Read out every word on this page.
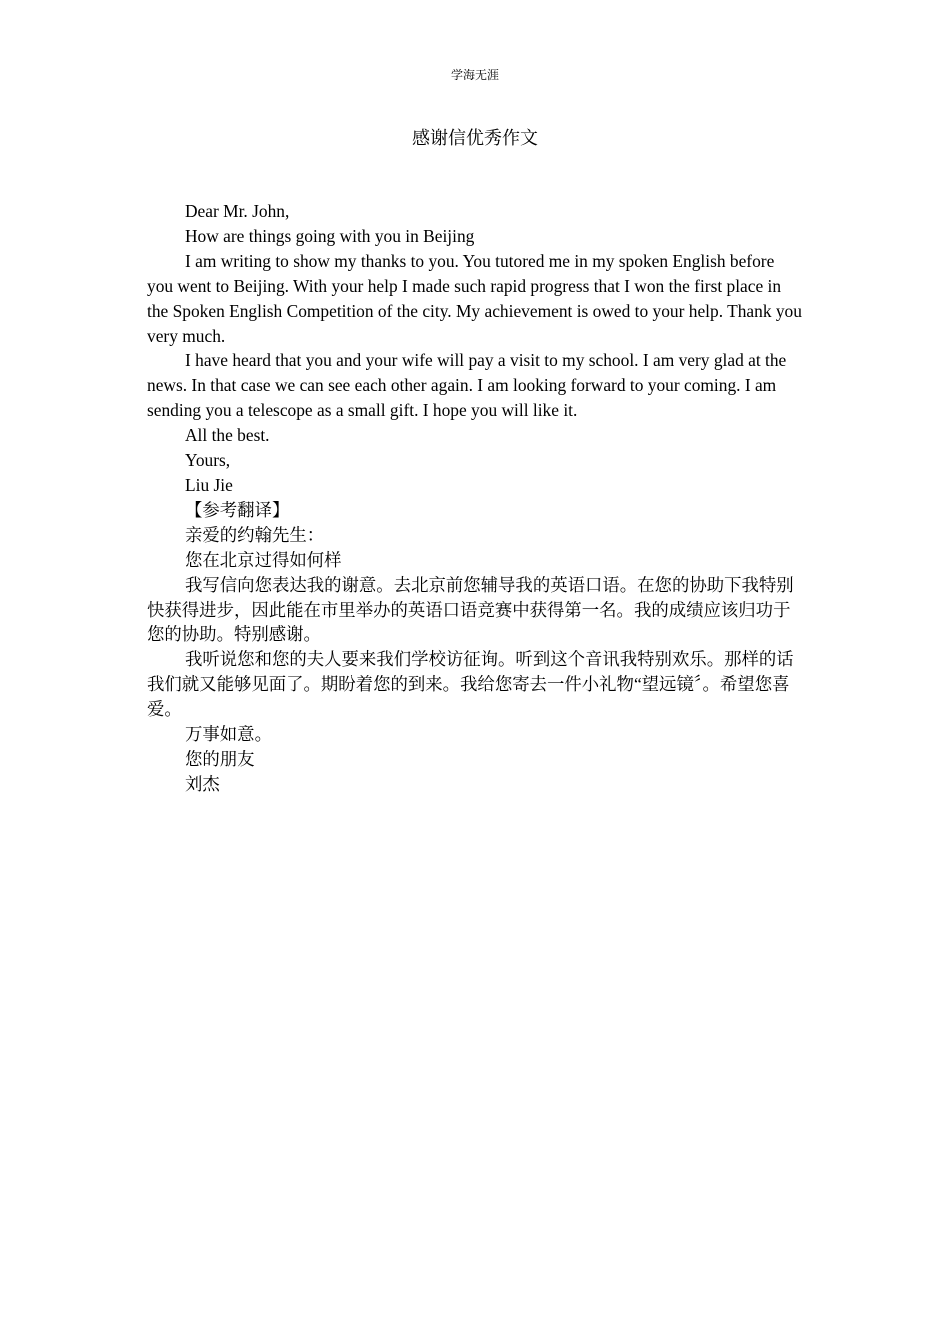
学海无涯
感谢信优秀作文

Dear Mr. John,

How are things going with you in Beijing

I am writing to show my thanks to you. You tutored me in my spoken English before you went to Beijing. With your help I made such rapid progress that I won the first place in the Spoken English Competition of the city. My achievement is owed to your help. Thank you very much.

I have heard that you and your wife will pay a visit to my school. I am very glad at the news. In that case we can see each other again. I am looking forward to your coming. I am sending you a telescope as a small gift. I hope you will like it.

All the best.

Yours,

Liu Jie

【参考翻译】

亲爱的约翰先生：

您在北京过得如何样

我写信向您表达我的谢意。去北京前您辅导我的英语口语。在您的协助下我特别快获得进步，因此能在市里举办的英语口语竞赛中获得第一名。我的成绩应该归功于您的协助。特别感谢。

我听说您和您的夫人要来我们学校访征询。听到这个音讯我特别欢乐。那样的话我们就又能够见面了。期盼着您的到来。我给您寄去一件小礼物“望远镜〞。希望您喜爱。

万事如意。

您的朋友

刘杰
